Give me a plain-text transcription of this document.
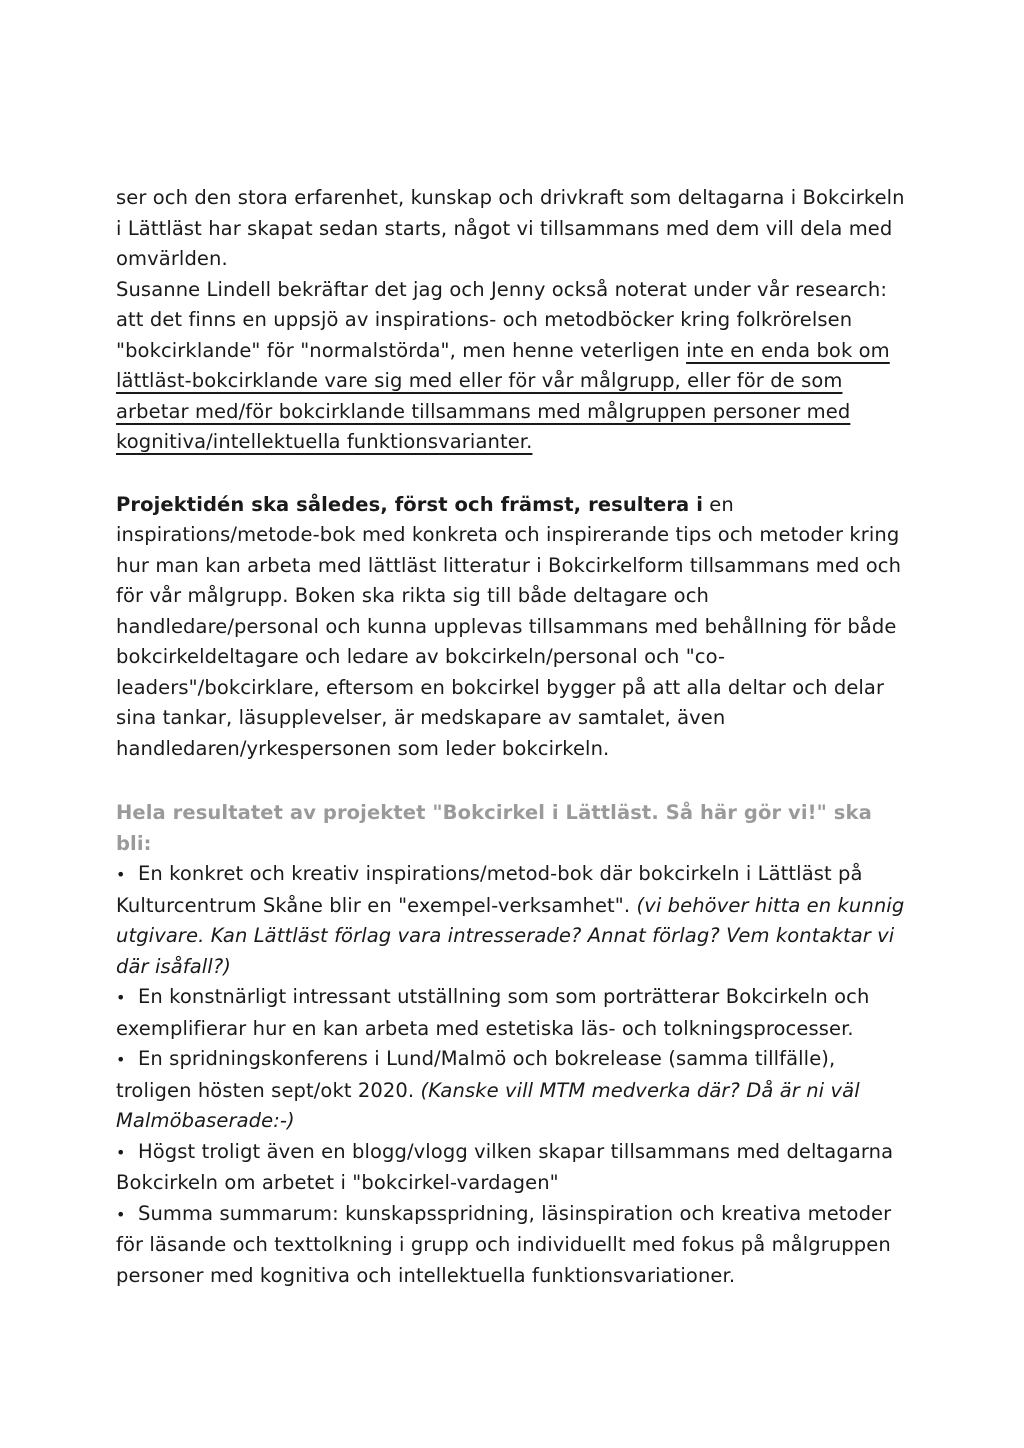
ser och den stora erfarenhet, kunskap och drivkraft som deltagarna i Bokcirkeln i Lättläst har skapat sedan starts, något vi tillsammans med dem vill dela med omvärlden.

Susanne Lindell bekräftar det jag och Jenny också noterat under vår research: att det finns en uppsjö av inspirations- och metodböcker kring folkrörelsen "bokcirklande" för "normalstörda", men henne veterligen inte en enda bok om lättläst-bokcirklande vare sig med eller för vår målgrupp, eller för de som arbetar med/för bokcirklande tillsammans med målgruppen personer med kognitiva/intellektuella funktionsvarianter.

Projektidén ska således, först och främst, resultera i en inspirations/metode-bok med konkreta och inspirerande tips och metoder kring hur man kan arbeta med lättläst litteratur i Bokcirkelform tillsammans med och för vår målgrupp. Boken ska rikta sig till både deltagare och handledare/personal och kunna upplevas tillsammans med behållning för både bokcirkeldeltagare och ledare av bokcirkeln/personal och "co-leaders"/bokcirklare, eftersom en bokcirkel bygger på att alla deltar och delar sina tankar, läsupplevelser, är medskapare av samtalet, även handledaren/yrkespersonen som leder bokcirkeln.

Hela resultatet av projektet "Bokcirkel i Lättläst. Så här gör vi!" ska bli:

• En konkret och kreativ inspirations/metod-bok där bokcirkeln i Lättläst på Kulturcentrum Skåne blir en "exempel-verksamhet". (vi behöver hitta en kunnig utgivare. Kan Lättläst förlag vara intresserade? Annat förlag? Vem kontaktar vi där isåfall?)

• En konstnärligt intressant utställning som som porträtterar Bokcirkeln och exemplifierar hur en kan arbeta med estetiska läs- och tolkningsprocesser.

• En spridningskonferens i Lund/Malmö och bokrelease (samma tillfälle), troligen hösten sept/okt 2020. (Kanske vill MTM medverka där? Då är ni väl Malmöbaserade:-)

• Högst troligt även en blogg/vlogg vilken skapar tillsammans med deltagarna Bokcirkeln om arbetet i "bokcirkel-vardagen"

• Summa summarum: kunskapsspridning, läsinspiration och kreativa metoder för läsande och texttolkning i grupp och individuellt med fokus på målgruppen personer med kognitiva och intellektuella funktionsvariationer.
